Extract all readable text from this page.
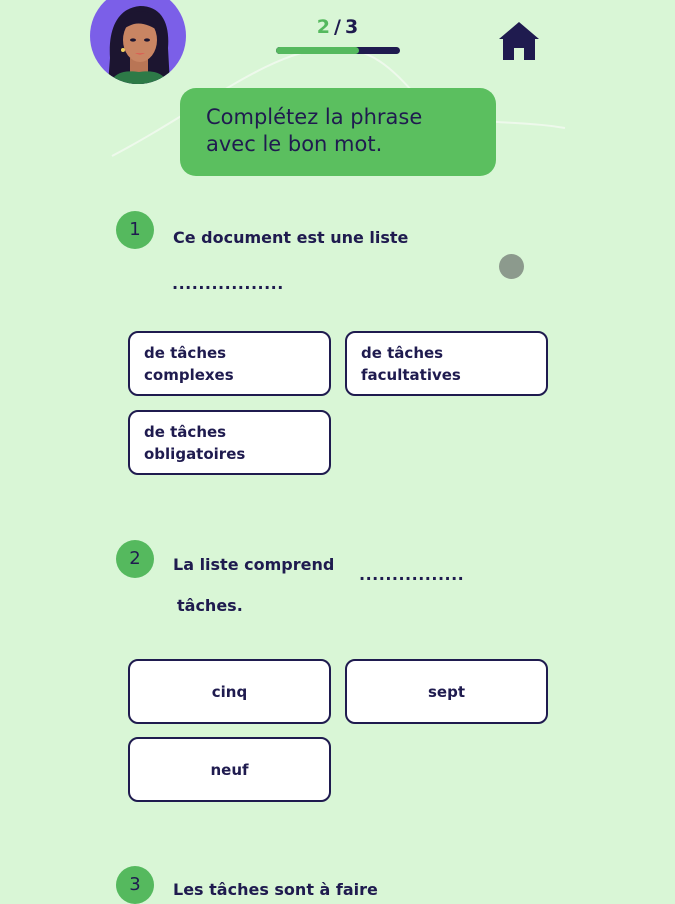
2 / 3
Complétez la phrase
avec le bon mot.
1	Ce document est une liste
.................
de tâches
complexes
de tâches
facultatives
de tâches
obligatoires
2	La liste comprend
................
tâches.
cinq	sept
neuf
3	Les tâches sont à faire
